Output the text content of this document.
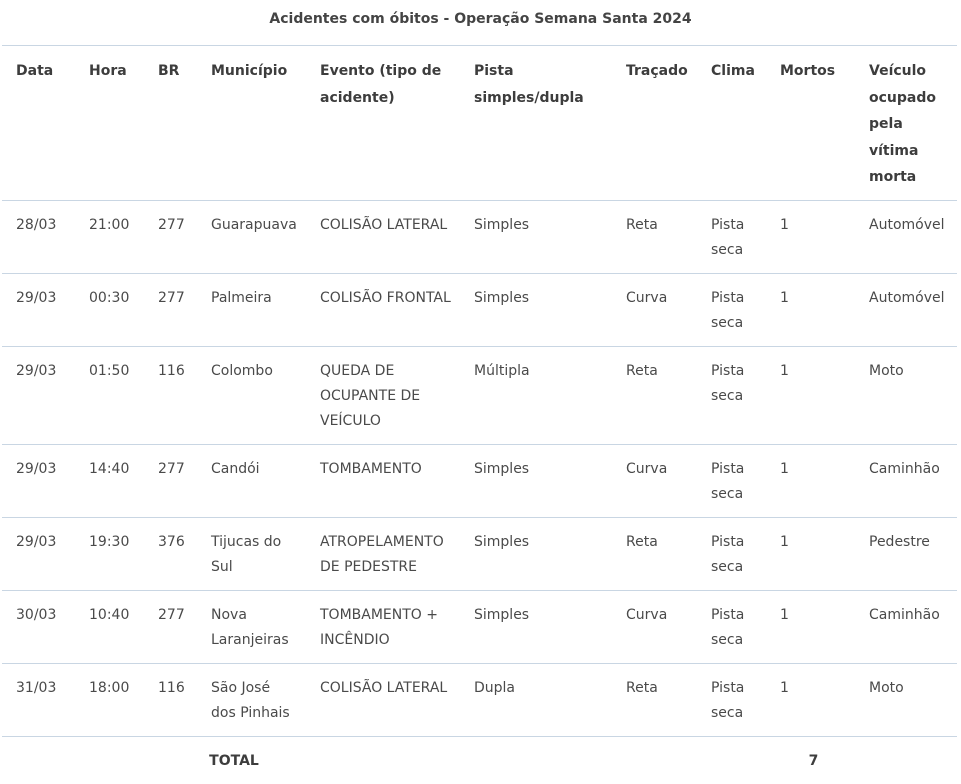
Acidentes com óbitos - Operação Semana Santa 2024
Data	Hora	BR	Município	Evento (tipo de acidente)	Pista simples/dupla	Traçado	Clima	Mortos	Veículo ocupado pela vítima morta
28/03	21:00	277	Guarapuava	COLISÃO LATERAL	Simples	Reta	Pista seca	1	Automóvel
29/03	00:30	277	Palmeira	COLISÃO FRONTAL	Simples	Curva	Pista seca	1	Automóvel
29/03	01:50	116	Colombo	QUEDA DE OCUPANTE DE VEÍCULO	Múltipla	Reta	Pista seca	1	Moto
29/03	14:40	277	Candói	TOMBAMENTO	Simples	Curva	Pista seca	1	Caminhão
29/03	19:30	376	Tijucas do Sul	ATROPELAMENTO DE PEDESTRE	Simples	Reta	Pista seca	1	Pedestre
30/03	10:40	277	Nova Laranjeiras	TOMBAMENTO + INCÊNDIO	Simples	Curva	Pista seca	1	Caminhão
31/03	18:00	116	São José dos Pinhais	COLISÃO LATERAL	Dupla	Reta	Pista seca	1	Moto
TOTAL								7	
